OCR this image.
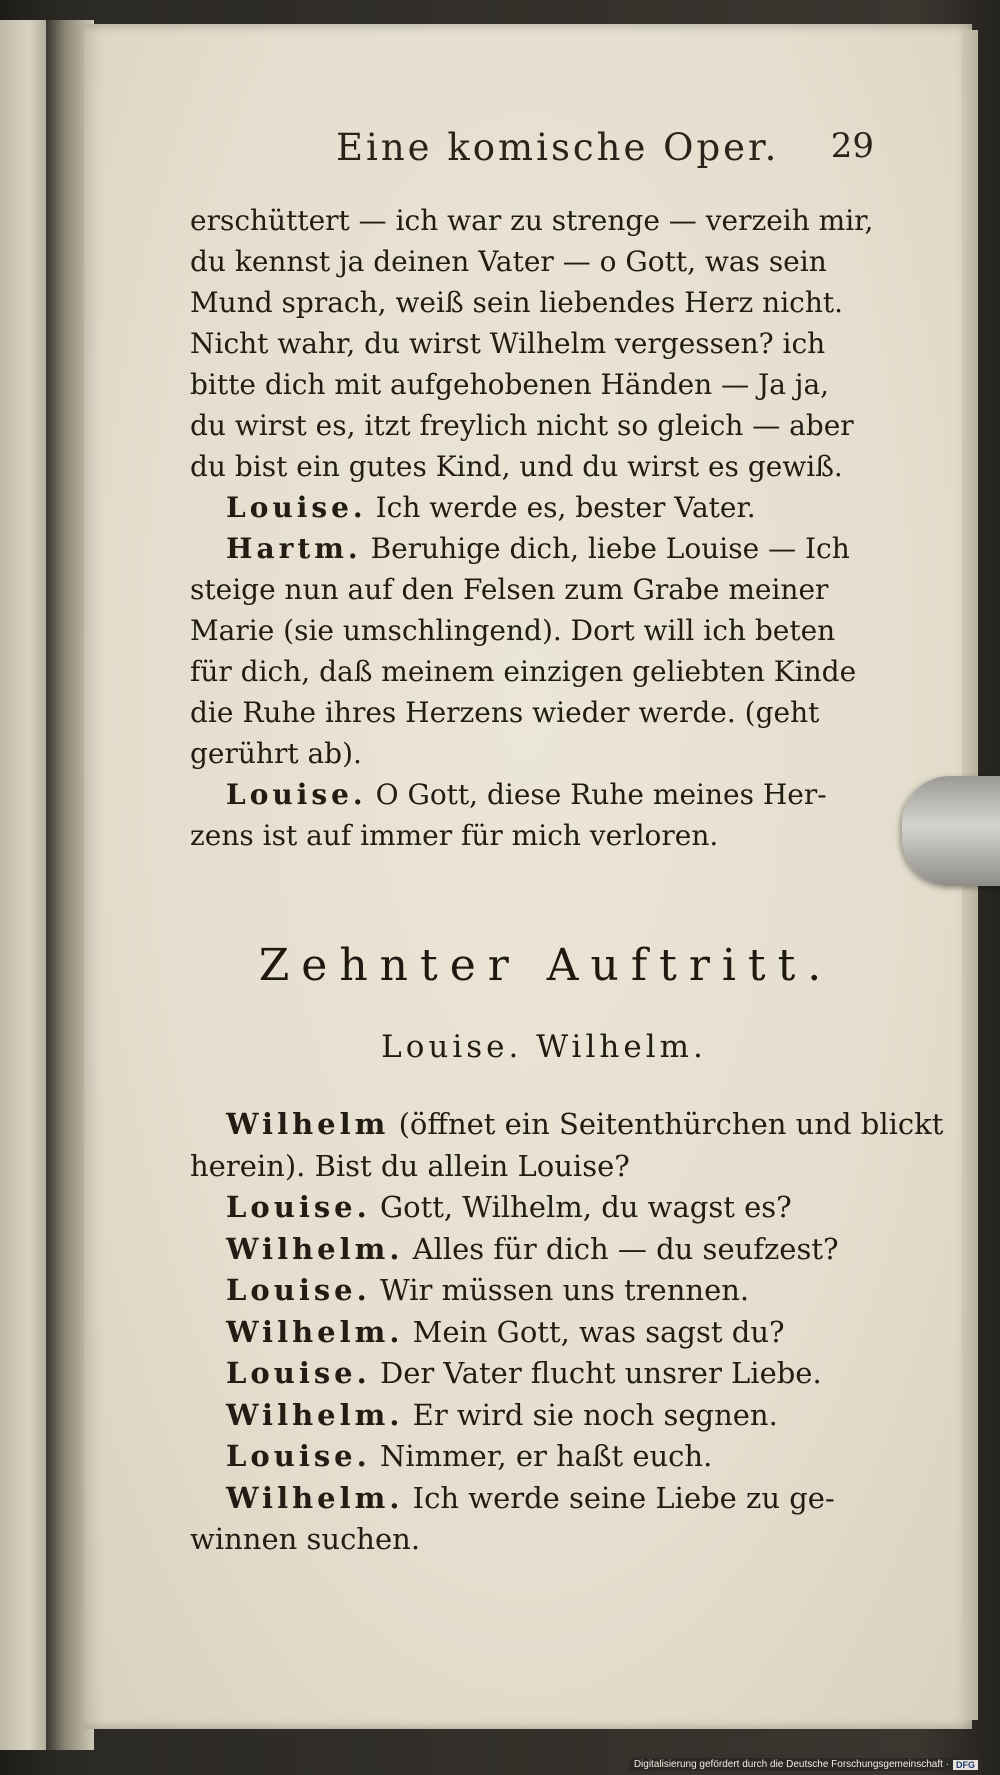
Eine komische Oper. 29
erschüttert — ich war zu strenge — verzeih mir,
du kennst ja deinen Vater — o Gott, was sein
Mund sprach, weiß sein liebendes Herz nicht.
Nicht wahr, du wirst Wilhelm vergessen? ich
bitte dich mit aufgehobenen Händen — Ja ja,
du wirst es, itzt freylich nicht so gleich — aber
du bist ein gutes Kind, und du wirst es gewiß.
Louise. Ich werde es, bester Vater.
Hartm. Beruhige dich, liebe Louise — Ich
steige nun auf den Felsen zum Grabe meiner
Marie (sie umschlingend). Dort will ich beten
für dich, daß meinem einzigen geliebten Kinde
die Ruhe ihres Herzens wieder werde. (geht
gerührt ab).
Louise. O Gott, diese Ruhe meines Her-
zens ist auf immer für mich verloren.
Zehnter Auftritt.
Louise. Wilhelm.
Wilhelm (öffnet ein Seitenthürchen und blickt
herein). Bist du allein Louise?
Louise. Gott, Wilhelm, du wagst es?
Wilhelm. Alles für dich — du seufzest?
Louise. Wir müssen uns trennen.
Wilhelm. Mein Gott, was sagst du?
Louise. Der Vater flucht unsrer Liebe.
Wilhelm. Er wird sie noch segnen.
Louise. Nimmer, er haßt euch.
Wilhelm. Ich werde seine Liebe zu ge-
winnen suchen.
Digitalisierung gefördert durch die Deutsche Forschungsgemeinschaft · DFG
